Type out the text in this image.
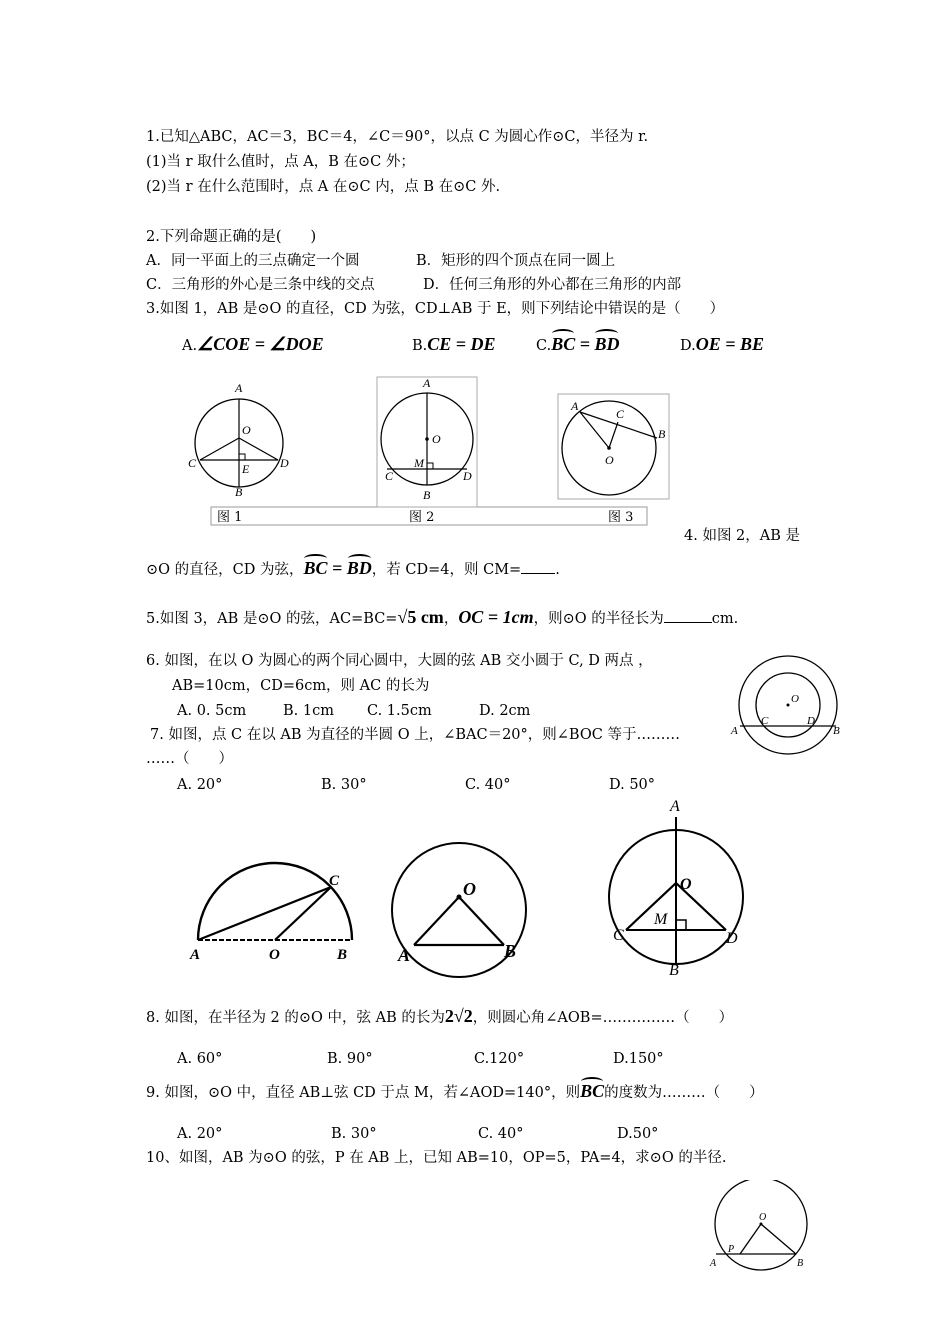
1.已知△ABC，AC＝3，BC＝4，∠C＝90°，以点 C 为圆心作⊙C，半径为 r.
(1)当 r 取什么值时，点 A，B 在⊙C 外；
(2)当 r 在什么范围时，点 A 在⊙C 内，点 B 在⊙C 外.
2.下列命题正确的是(　　)
A．同一平面上的三点确定一个圆	B．矩形的四个顶点在同一圆上
C．三角形的外心是三条中线的交点	D．任何三角形的外心都在三角形的内部
3.如图 1，AB 是⊙O 的直径，CD 为弦，CD⊥AB 于 E，则下列结论中错误的是（　　）
A.∠COE = ∠DOE	B.CE = DE	C.BC = BD	D.OE = BE
A
O
C	D
E
B
A
O
M
C	D
B
A
C
B
O
图 1	图 2	图 3
4. 如图 2，AB 是
⊙O 的直径，CD 为弦，BC = BD，若 CD=4，则 CM= .
5.如图 3，AB 是⊙O 的弦，AC=BC=√5 cm，OC = 1cm，则⊙O 的半径长为	cm.
6. 如图，在以 O 为圆心的两个同心圆中，大圆的弦 AB 交小圆于 C, D 两点 ，
AB=10cm，CD=6cm，则 AC 的长为
A. 0. 5cm	B. 1cm C. 1.5cm	D. 2cm
O
A
C	D
B
7. 如图，点 C 在以 AB 为直径的半圆 O 上，∠BAC＝20°，则∠BOC 等于………
……（　　）
A. 20°	B. 30°	C. 40°	D. 50°
A	O	B
C	O
A	B
A
O
M
C	D
B
8. 如图，在半径为 2 的⊙O 中，弦 AB 的长为2√2，则圆心角∠AOB=……………（　　）
A. 60°	B. 90°	C.120°	D.150°
9. 如图，⊙O 中，直径 AB⊥弦 CD 于点 M，若∠AOD=140°，则BC的度数为………（　　）
A. 20°	B. 30°	C. 40°	D.50°
10、如图，AB 为⊙O 的弦，P 在 AB 上，已知 AB=10，OP=5，PA=4，求⊙O 的半径.
O
P
A	B
